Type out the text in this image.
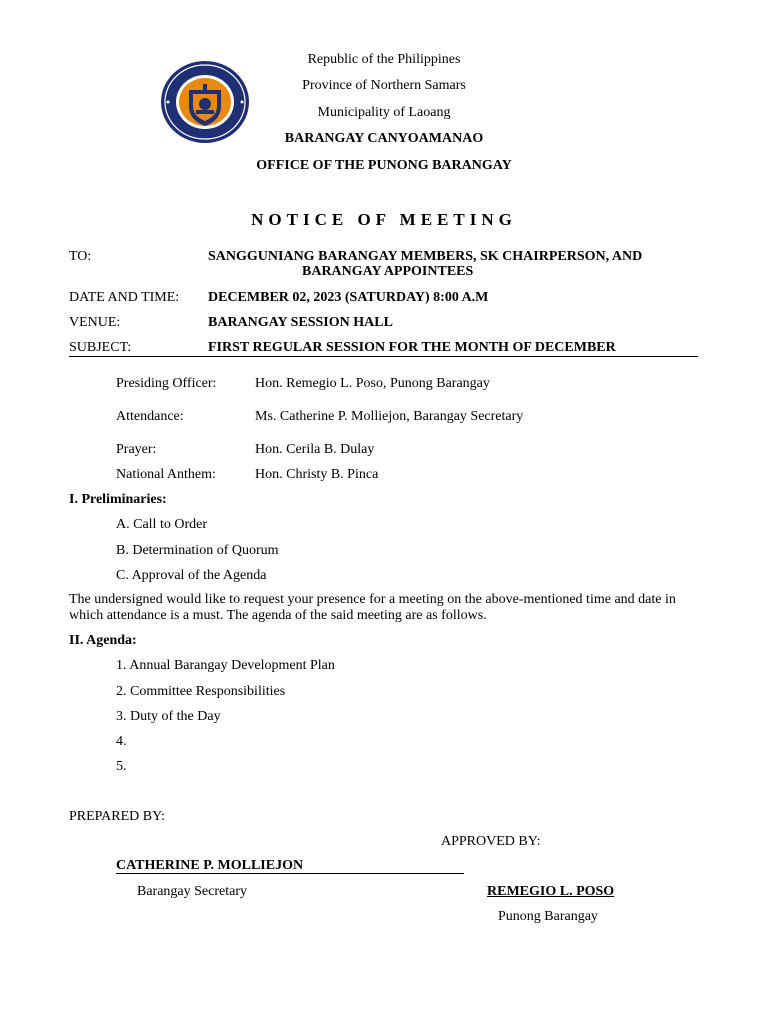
Republic of the Philippines
Province of Northern Samars
Municipality of Laoang
BARANGAY CANYOAMANAO
OFFICE OF THE PUNONG BARANGAY
NOTICE OF MEETING
TO:	SANGGUNIANG BARANGAY MEMBERS, SK CHAIRPERSON, AND
BARANGAY APPOINTEES
DATE AND TIME: DECEMBER 02, 2023 (SATURDAY) 8:00 A.M
VENUE:	BARANGAY SESSION HALL
SUBJECT:	FIRST REGULAR SESSION FOR THE MONTH OF DECEMBER
Presiding Officer:	Hon. Remegio L. Poso, Punong Barangay
Attendance:	Ms. Catherine P. Molliejon, Barangay Secretary
Prayer:	Hon. Cerila B. Dulay
National Anthem:	Hon. Christy B. Pinca
I. Preliminaries:
A. Call to Order
B. Determination of Quorum
C. Approval of the Agenda
The undersigned would like to request your presence for a meeting on the above-mentioned time and date in which attendance is a must. The agenda of the said meeting are as follows.
II. Agenda:
1. Annual Barangay Development Plan
2. Committee Responsibilities
3. Duty of the Day
4.
5.
PREPARED BY:
APPROVED BY:
CATHERINE P. MOLLIEJON
Barangay Secretary	REMEGIO L. POSO
Punong Barangay
